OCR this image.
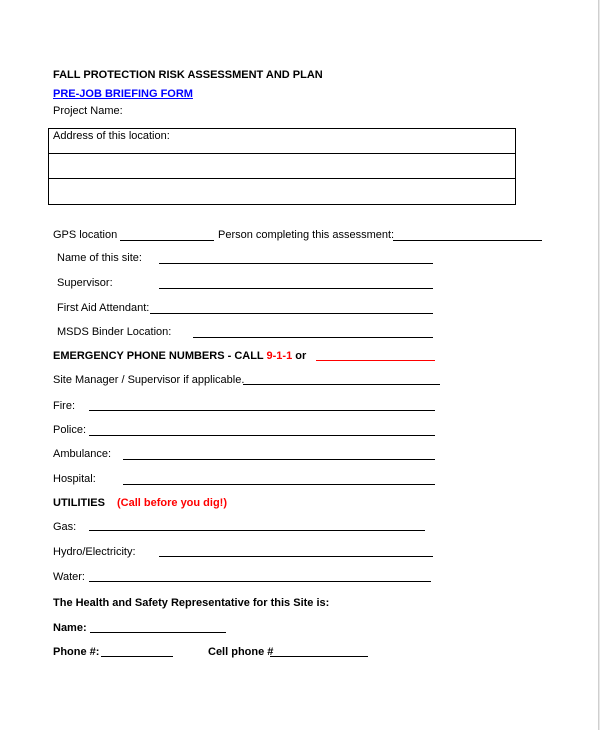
FALL PROTECTION RISK ASSESSMENT AND PLAN
PRE-JOB BRIEFING FORM
Project Name:
Address of this location:
GPS location	Person completing this assessment:
Name of this site:
Supervisor:
First Aid Attendant:
MSDS Binder Location:
EMERGENCY PHONE NUMBERS - CALL 9-1-1 or
Site Manager / Supervisor if applicable.
Fire:
Police:
Ambulance:
Hospital:
UTILITIES (Call before you dig!)
Gas:
Hydro/Electricity:
Water:
The Health and Safety Representative for this Site is:
Name:
Phone #:	Cell phone #
